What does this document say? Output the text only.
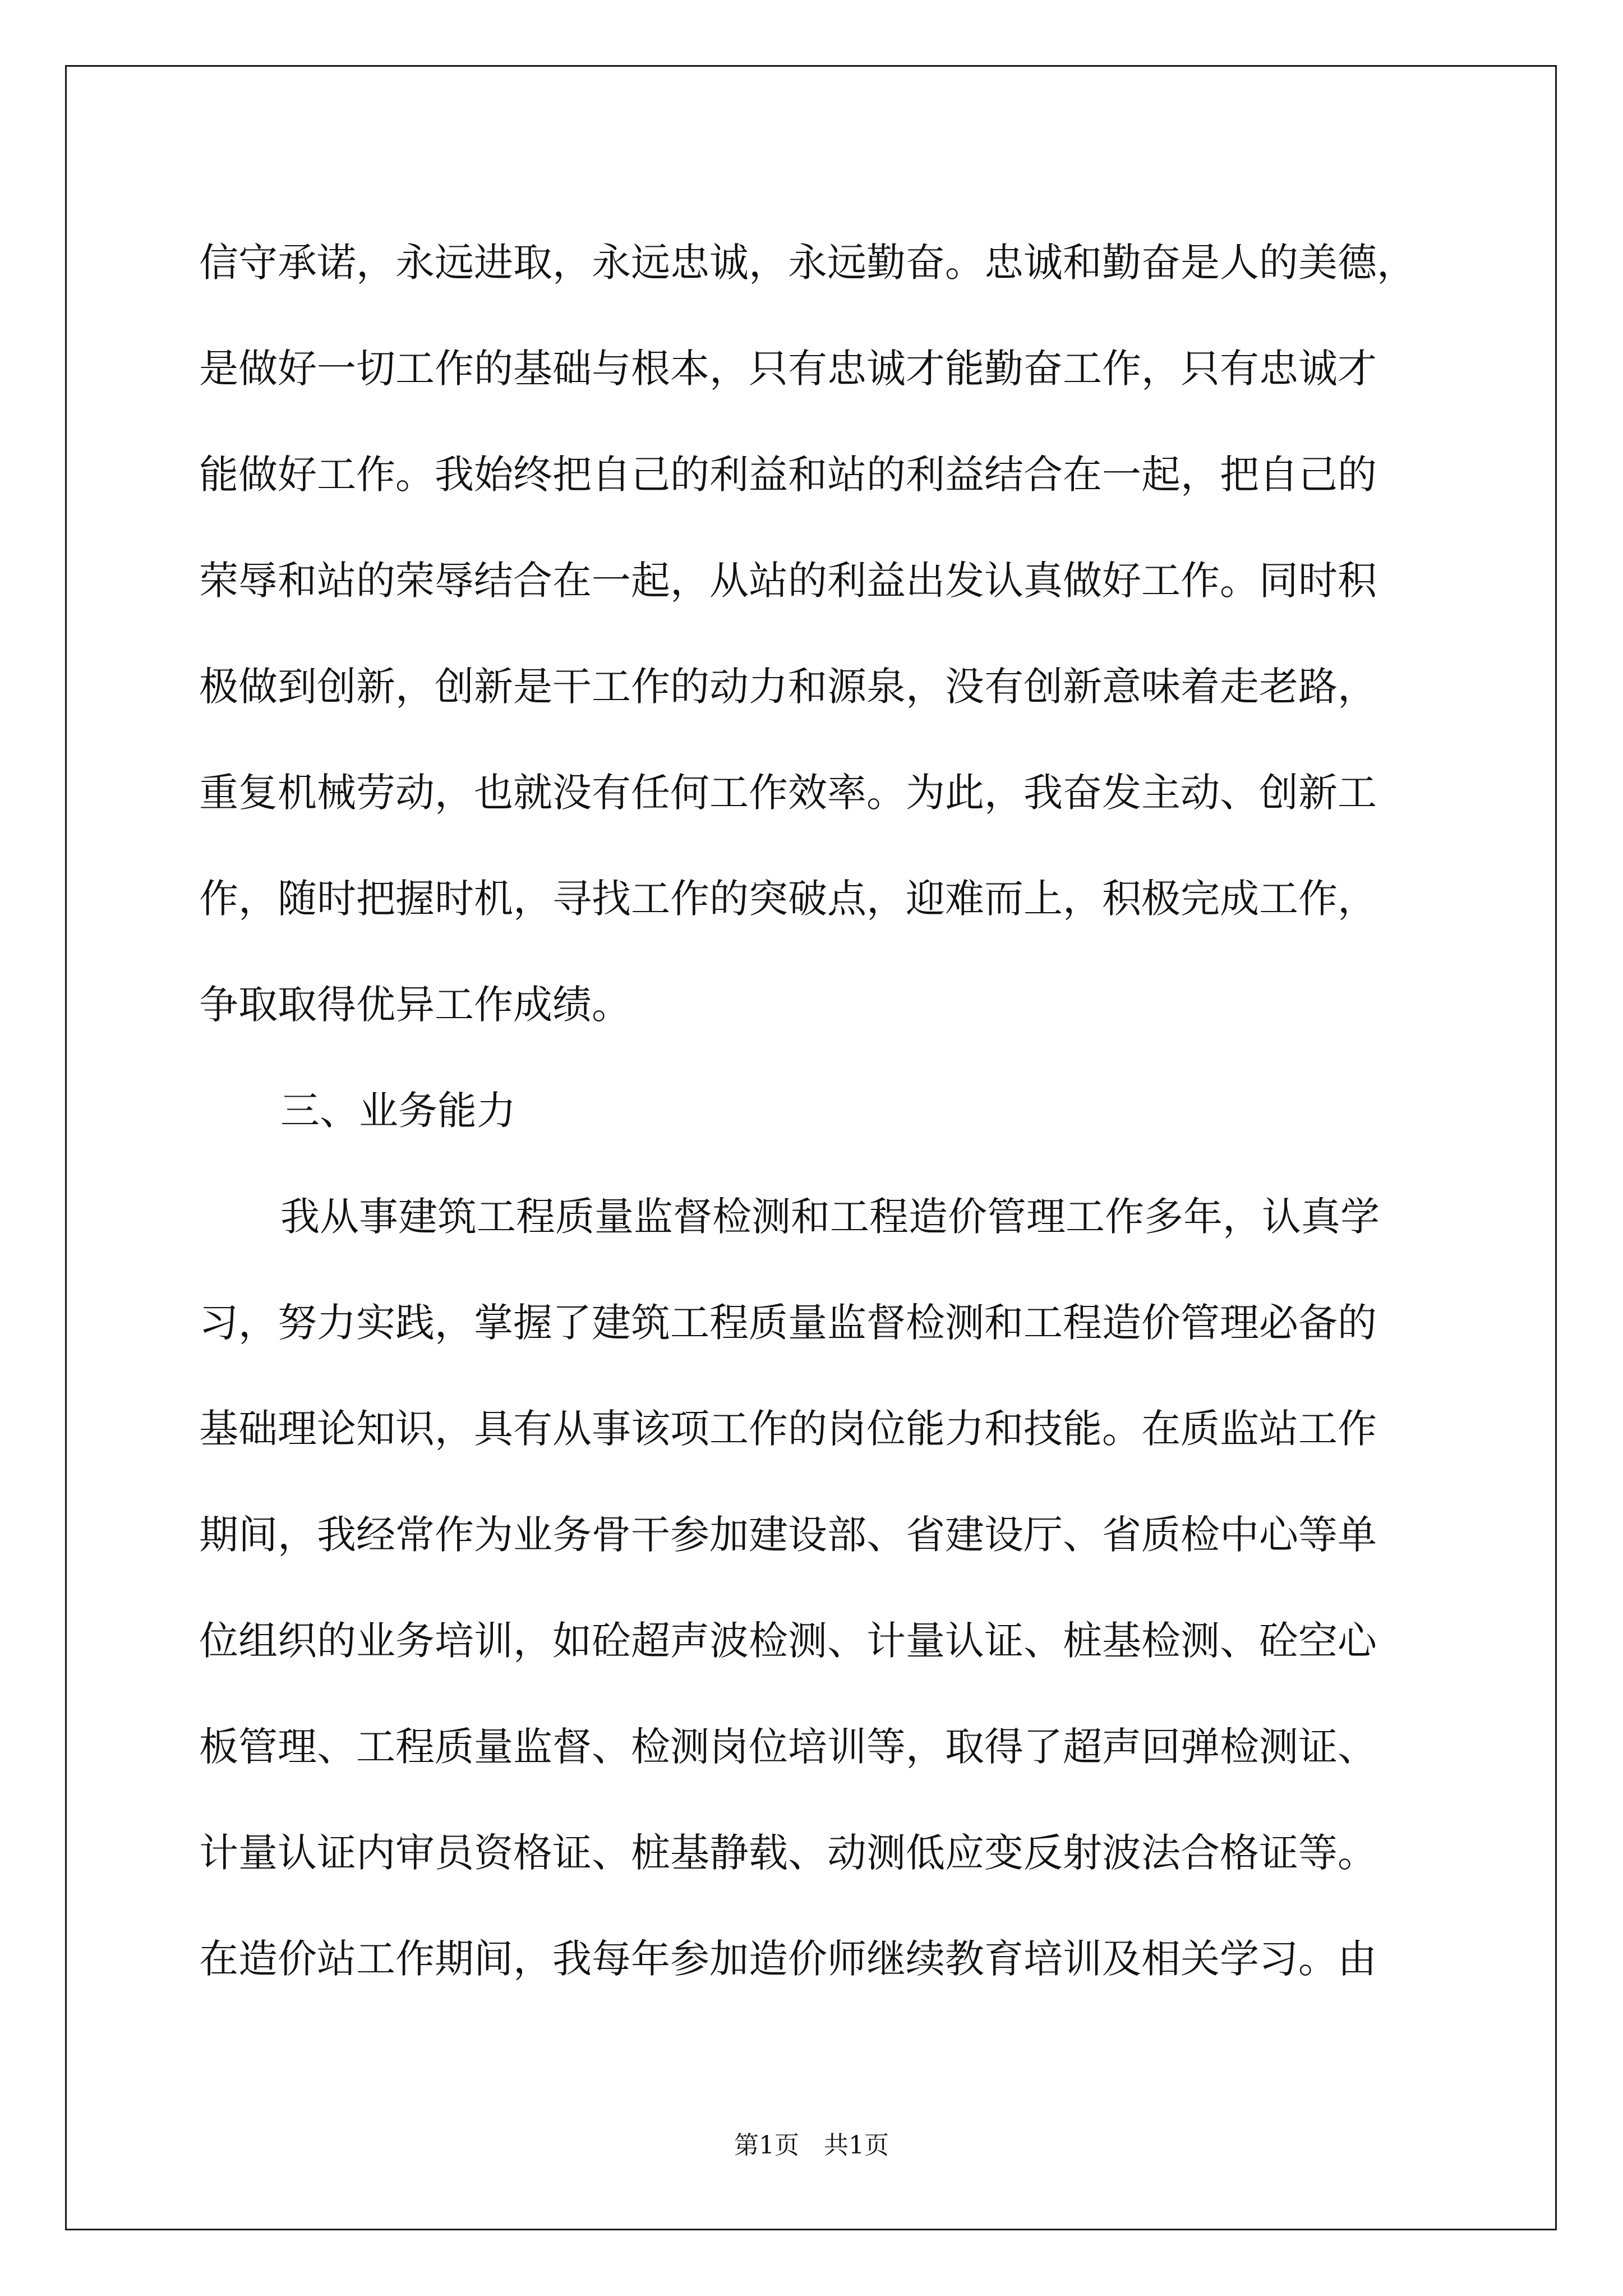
信守承诺，永远进取，永远忠诚，永远勤奋。忠诚和勤奋是人的美德，
是做好一切工作的基础与根本，只有忠诚才能勤奋工作，只有忠诚才
能做好工作。我始终把自己的利益和站的利益结合在一起，把自己的
荣辱和站的荣辱结合在一起，从站的利益出发认真做好工作。同时积
极做到创新，创新是干工作的动力和源泉，没有创新意味着走老路，
重复机械劳动，也就没有任何工作效率。为此，我奋发主动、创新工
作，随时把握时机，寻找工作的突破点，迎难而上，积极完成工作，
争取取得优异工作成绩。
三、业务能力
我从事建筑工程质量监督检测和工程造价管理工作多年，认真学
习，努力实践，掌握了建筑工程质量监督检测和工程造价管理必备的
基础理论知识，具有从事该项工作的岗位能力和技能。在质监站工作
期间，我经常作为业务骨干参加建设部、省建设厅、省质检中心等单
位组织的业务培训，如砼超声波检测、计量认证、桩基检测、砼空心
板管理、工程质量监督、检测岗位培训等，取得了超声回弹检测证、
计量认证内审员资格证、桩基静载、动测低应变反射波法合格证等。
在造价站工作期间，我每年参加造价师继续教育培训及相关学习。由
第1页　共1页
